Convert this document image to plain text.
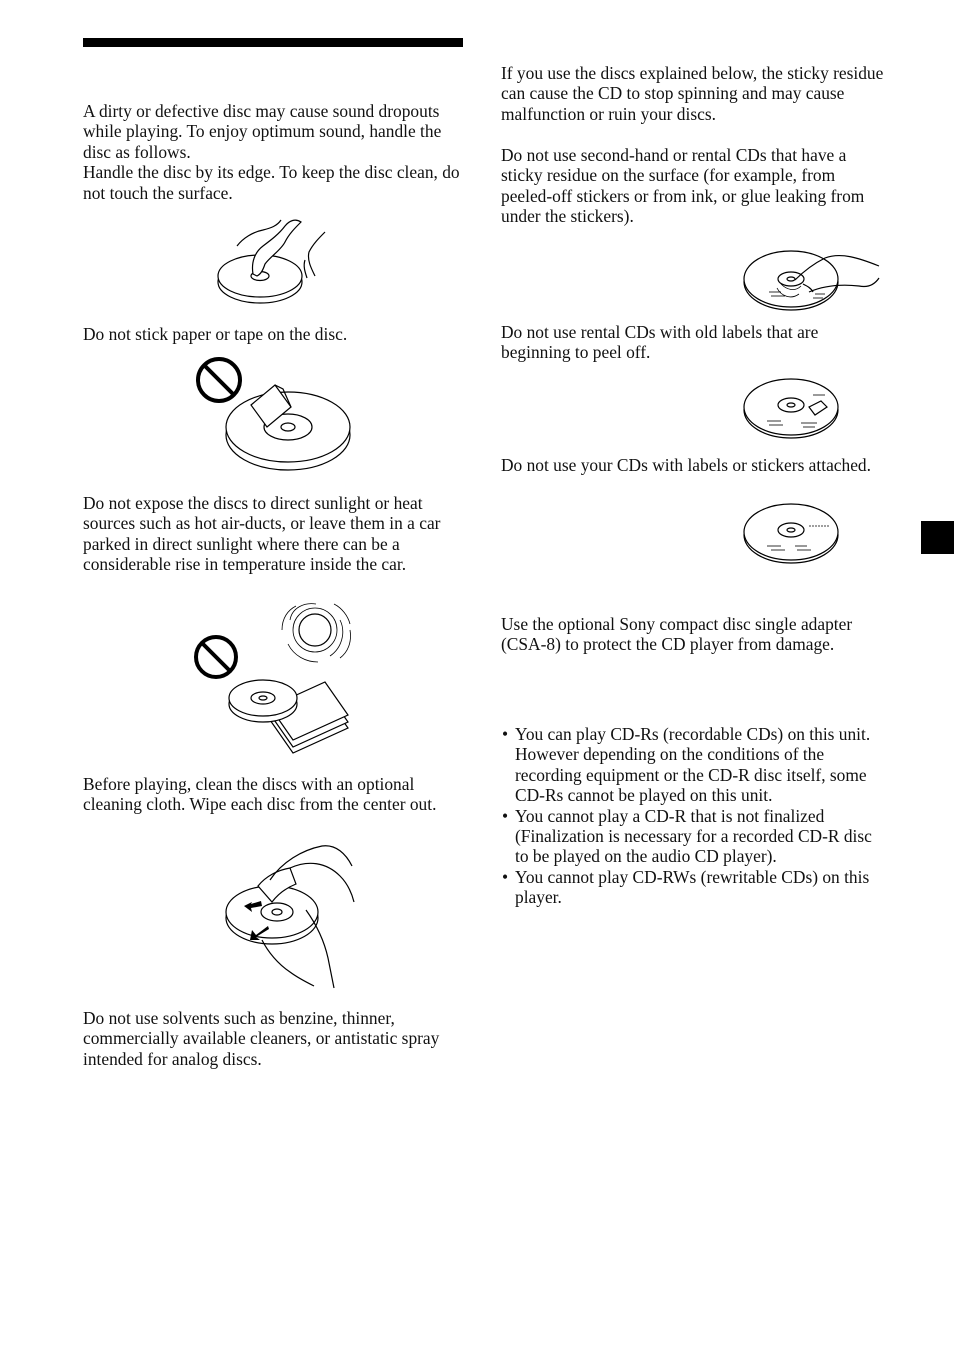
A dirty or defective disc may cause sound dropouts while playing. To enjoy optimum sound, handle the disc as follows.
Handle the disc by its edge. To keep the disc clean, do not touch the surface.

Do not stick paper or tape on the disc.

Do not expose the discs to direct sunlight or heat sources such as hot air-ducts, or leave them in a car parked in direct sunlight where there can be a considerable rise in temperature inside the car.

Before playing, clean the discs with an optional cleaning cloth. Wipe each disc from the center out.

Do not use solvents such as benzine, thinner, commercially available cleaners, or antistatic spray intended for analog discs.

If you use the discs explained below, the sticky residue can cause the CD to stop spinning and may cause malfunction or ruin your discs.

Do not use second-hand or rental CDs that have a sticky residue on the surface (for example, from peeled-off stickers or from ink, or glue leaking from under the stickers).

Do not use rental CDs with old labels that are beginning to peel off.

Do not use your CDs with labels or stickers attached.

Use the optional Sony compact disc single adapter (CSA-8) to protect the CD player from damage.

• You can play CD-Rs (recordable CDs) on this unit. However depending on the conditions of the recording equipment or the CD-R disc itself, some CD-Rs cannot be played on this unit.
• You cannot play a CD-R that is not finalized (Finalization is necessary for a recorded CD-R disc to be played on the audio CD player).
• You cannot play CD-RWs (rewritable CDs) on this player.
